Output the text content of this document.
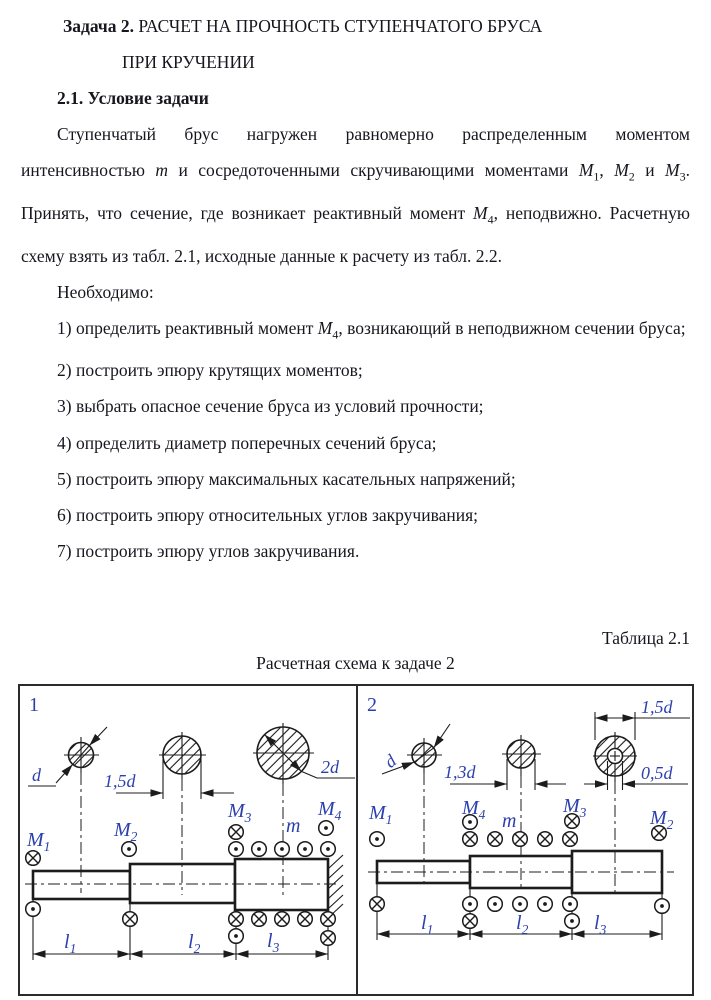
Задача 2. РАСЧЕТ НА ПРОЧНОСТЬ СТУПЕНЧАТОГО БРУСА
ПРИ КРУЧЕНИИ
2.1. Условие задачи

Ступенчатый брус нагружен равномерно распределенным моментом интенсивностью m и сосредоточенными скручивающими моментами $M_1$, $M_2$ и $M_3$. Принять, что сечение, где возникает реактивный момент $M_4$, неподвижно. Расчетную схему взять из табл. 2.1, исходные данные к расчету из табл. 2.2.

Необходимо:
1) определить реактивный момент $M_4$, возникающий в неподвижном сечении бруса;
2) построить эпюру крутящих моментов;
3) выбрать опасное сечение бруса из условий прочности;
4) определить диаметр поперечных сечений бруса;
5) построить эпюру максимальных касательных напряжений;
6) построить эпюру относительных углов закручивания;
7) построить эпюру углов закручивания.
Таблица 2.1
Расчетная схема к задаче 2
1
d	1,5d
2d
$M_1$
$M_2$
$M_3$	$M_4$
m
$l_1$	$l_2$	$l_3$
2
d
1,3d
1,5d
0,5d
$M_1$
$M_4$ m
$M_3$	$M_2$
$l_1$	$l_2$	$l_3$
